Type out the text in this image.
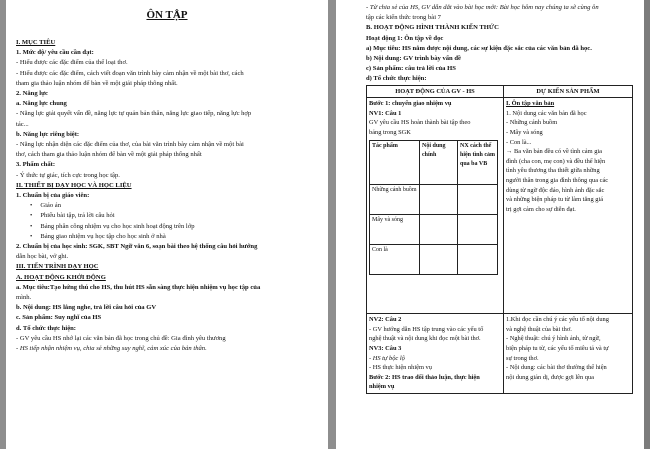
ÔN TẬP
I. MỤC TIÊU
1. Mức độ/ yêu cầu cần đạt:
- Hiểu được các đặc điểm của thể loại thơ.
- Hiểu được các đặc điểm, cách viết đoạn văn trình bày cảm nhận về một bài thơ, cách
tham gia thảo luận nhóm để bàn về một giải pháp thông nhất.
2. Năng lực
a. Năng lực chung
- Năng lực giải quyết vấn đề, năng lực tự quản bản thân, năng lực giao tiếp, năng lực hợp
tác...
b. Năng lực riêng biệt:
- Năng lực nhận diện các đặc điểm của thơ, của bài văn trình bày cảm nhận về một bài
thơ, cách tham gia thảo luận nhóm để bàn về một giải pháp thống nhất
3. Phẩm chất:
- Ý thức tự giác, tích cực trong học tập.
II. THIẾT BỊ DẠY HỌC VÀ HỌC LIỆU
1. Chuẩn bị của giáo viên:
• Giáo án
• Phiếu bài tập, trả lời câu hỏi
• Bảng phân công nhiệm vụ cho học sinh hoạt động trên lớp
• Bảng giao nhiệm vụ học tập cho học sinh ở nhà
2. Chuẩn bị của học sinh: SGK, SBT Ngữ văn 6, soạn bài theo hệ thống câu hỏi hướng
dẫn học bài, vở ghi.
III. TIẾN TRÌNH DẠY HỌC
A. HOẠT ĐỘNG KHỞI ĐỘNG
a. Mục tiêu:Tạo hứng thú cho HS, thu hút HS sẵn sàng thực hiện nhiệm vụ học tập của
mình.
b. Nội dung: HS lắng nghe, trả lời câu hỏi của GV
c. Sản phẩm: Suy nghĩ của HS
d. Tổ chức thực hiện:
- GV yêu cầu HS nhớ lại các văn bản đã học trong chủ đề: Gia đình yêu thương
- HS tiếp nhận nhiệm vụ, chia sẻ những suy nghĩ, cảm xúc của bản thân.
- Từ chia sẻ của HS, GV dẫn dắt vào bài học mới: Bài học hôm nay chúng ta sẽ cùng ôn
tập các kiến thức trong bài 7
B. HOẠT ĐỘNG HÌNH THÀNH KIẾN THỨC
Hoạt động 1: Ôn tập về đọc
a) Mục tiêu: HS nắm được nội dung, các sự kiện đặc sắc của các văn bản đã học.
b) Nội dung: GV trình bày vấn đề
c) Sản phẩm: câu trả lời của HS
d) Tổ chức thực hiện:
HOẠT ĐỘNG CỦA GV - HS	DỰ KIẾN SẢN PHẨM

Bước 1: chuyển giao nhiệm vụ
NV1: Câu 1
GV yêu cầu HS hoàn thành bài tập theo
bảng trong SGK
Tác phẩm	Nội dung chính	NX cách thể hiện tình cảm qua ba VB
Những cánh buồm		
Mây và sóng		
Con là		

I. Ôn tập văn bản
1. Nội dung các văn bản đã học
- Những cánh buồm
- Mây và sóng
- Con là...
→ Ba văn bản đều có về tình cảm gia
đình (cha con, mẹ con) và đều thể hiện
tình yêu thương tha thiết giữa những
người thân trong gia đình thông qua các
dùng từ ngữ độc đáo, hình ảnh đặc sắc
và những biện pháp tu từ làm tăng giá
trị gợi cảm cho sự diễn đạt.

NV2: Câu 2
- GV hướng dẫn HS tập trung vào các yếu tố
nghệ thuật và nội dung khi đọc một bài thơ.
NV3: Câu 3
- HS tự bộc lộ
- HS thực hiện nhiệm vụ
Bước 2: HS trao đổi thảo luận, thực hiện
nhiệm vụ

1.Khi đọc cần chú ý các yếu tố nội dung
và nghệ thuật của bài thơ.
- Nghệ thuật: chú ý hình ảnh, từ ngữ,
biện pháp tu từ, các yếu tố miêu tả và tự
sự trong thơ.
- Nội dung: các bài thơ thường thể hiện
nội dung giản dị, được gợi lên qua
